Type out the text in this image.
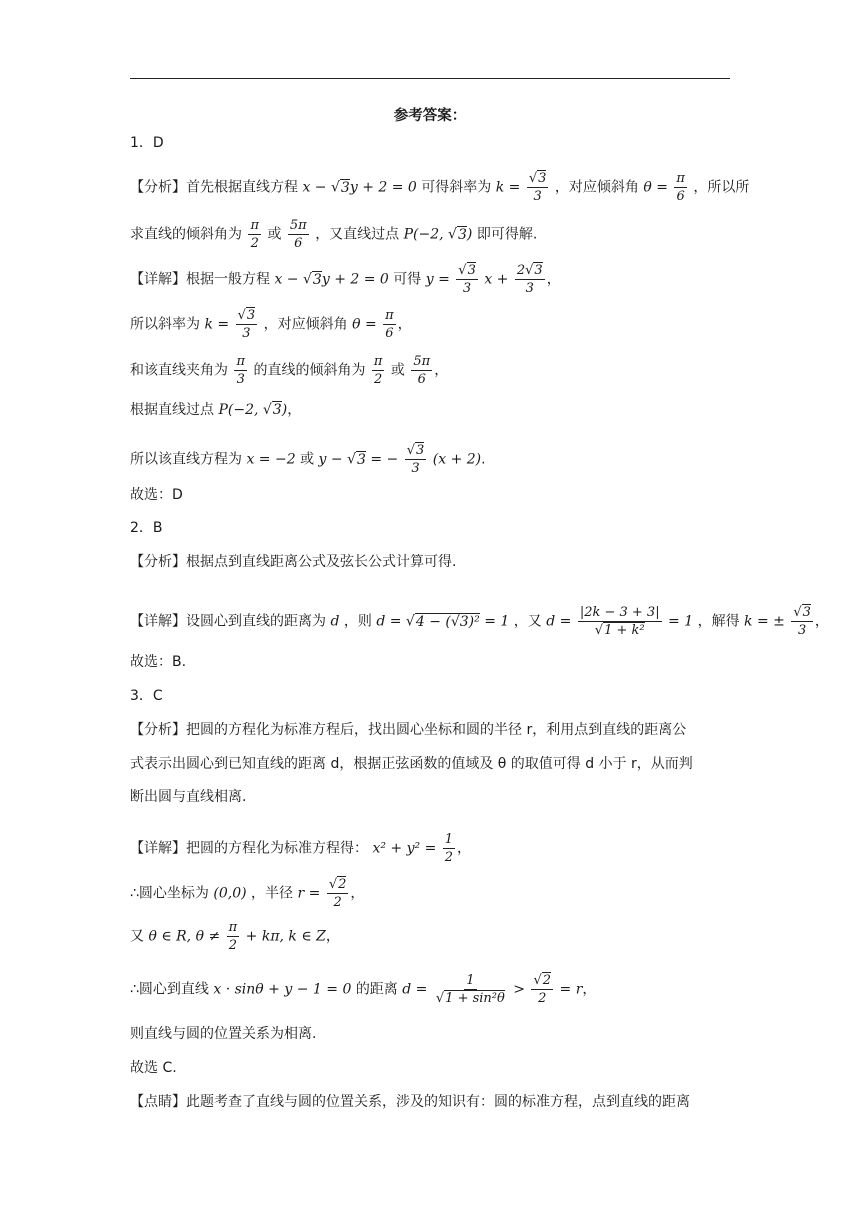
参考答案：
1．D
【分析】首先根据直线方程 x − √3y + 2 = 0 可得斜率为 $k = \frac{√3}{3}$ ，对应倾斜角 $\theta = \frac{\pi}{6}$ ，所以所
求直线的倾斜角为 $\frac{\pi}{2}$ 或 $\frac{5\pi}{6}$ ，又直线过点 P(−2, √3) 即可得解.
【详解】根据一般方程 x − √3y + 2 = 0 可得 $y = \frac{√3}{3}$ $x + \frac{2√3}{3}$ ，
所以斜率为 $k = \frac{√3}{3}$ ，对应倾斜角 $\theta = \frac{\pi}{6}$ ，
和该直线夹角为 $\frac{\pi}{3}$ 的直线的倾斜角为 $\frac{\pi}{2}$ 或 $\frac{5\pi}{6}$ ，
根据直线过点 P(−2, √3)，
所以该直线方程为 x = −2 或 y − √3 = − $\frac{√3}{3} (x + 2)$.
故选：D
2．B
【分析】根据点到直线距离公式及弦长公式计算可得.
【详解】设圆心到直线的距离为 d ，则 d = √4 − (√3)² = 1 ，又 $d = \frac{|2k - 3 + 3|}{\text{√1 + k²}} = 1$ ，解得 k = ± $\frac{√3}{3}$ ，
故选：B.
3．C
【分析】把圆的方程化为标准方程后，找出圆心坐标和圆的半径 r，利用点到直线的距离公
式表示出圆心到已知直线的距离 d，根据正弦函数的值域及 θ 的取值可得 d 小于 r，从而判
断出圆与直线相离.
【详解】把圆的方程化为标准方程得： $x^2 + y^2 = \frac{1}{2}$ ，
∴圆心坐标为 (0,0) ，半径 $r = \frac{√2}{2}$ ，
又 θ ∈ R, $\theta \ne \frac{\pi}{2} + k\pi$, k ∈ Z，
∴圆心到直线 x · sinθ + y − 1 = 0 的距离 $d = \frac{1}{\text{√1 + sin²θ}} > \frac{√2}{2} = r$，
则直线与圆的位置关系为相离.
故选 C.
【点睛】此题考查了直线与圆的位置关系，涉及的知识有：圆的标准方程，点到直线的距离
